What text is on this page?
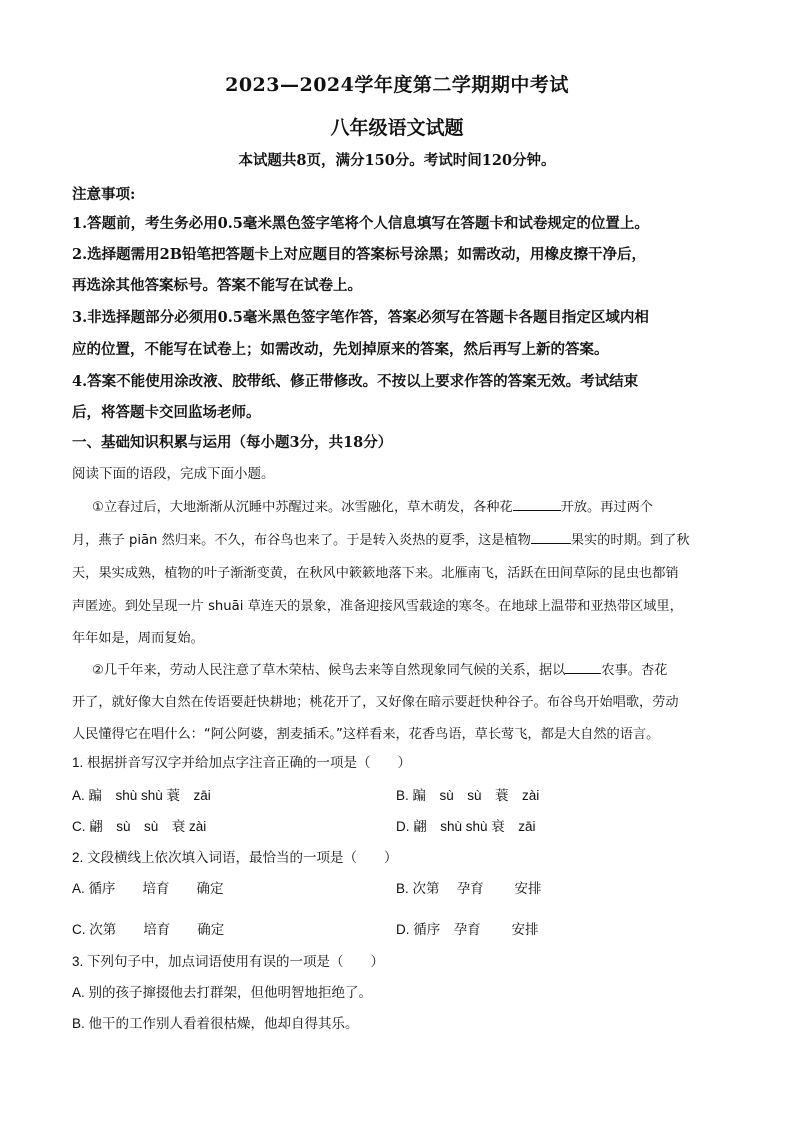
2023—2024学年度第二学期期中考试
八年级语文试题
本试题共8页，满分150分。考试时间120分钟。
注意事项:
1.答题前，考生务必用0.5毫米黑色签字笔将个人信息填写在答题卡和试卷规定的位置上。
2.选择题需用2B铅笔把答题卡上对应题目的答案标号涂黑；如需改动，用橡皮擦干净后，
再选涂其他答案标号。答案不能写在试卷上。
3.非选择题部分必须用0.5毫米黑色签字笔作答，答案必须写在答题卡各题目指定区域内相
应的位置，不能写在试卷上；如需改动，先划掉原来的答案，然后再写上新的答案。
4.答案不能使用涂改液、胶带纸、修正带修改。不按以上要求作答的答案无效。考试结束
后，将答题卡交回监场老师。
一、基础知识积累与运用（每小题3分，共18分）
阅读下面的语段，完成下面小题。
①立春过后，大地渐渐从沉睡中苏醒过来。冰雪融化，草木萌发，各种花	开放。再过两个
月，燕子 piān 然归来。不久，布谷鸟也来了。于是转入炎热的夏季，这是植物	果实的时期。到了秋
天，果实成熟，植物的叶子渐渐变黄，在秋风中簌簌地落下来。北雁南飞，活跃在田间草际的昆虫也都销
声匿迹。到处呈现一片 shuāi 草连天的景象，准备迎接风雪载途的寒冬。在地球上温带和亚热带区域里，
年年如是，周而复始。
②几千年来，劳动人民注意了草木荣枯、候鸟去来等自然现象同气候的关系，据以	农事。杏花
开了，就好像大自然在传语要赶快耕地；桃花开了，又好像在暗示要赶快种谷子。布谷鸟开始唱歌，劳动
人民懂得它在唱什么：“阿公阿婆，割麦插禾。”这样看来，花香鸟语，草长莺飞，都是大自然的语言。
1. 根据拼音写汉字并给加点字注音正确的一项是（　　）
A. 蹁　shù shù 蓑　zāi	B. 蹁　sù　sù　蓑　zài
C. 翩　sù　sù　衰 zài	D. 翩　shù shù 衰　zāi
2. 文段横线上依次填入词语，最恰当的一项是（　　）
A. 循序　　培育　　确定	B. 次第　 孕育　　 安排
C. 次第　　培育　　确定	D. 循序　孕育　　 安排
3. 下列句子中，加点词语使用有误的一项是（　　）
A. 别的孩子撺掇他去打群架，但他明智地拒绝了。
B. 他干的工作别人看着很枯燥，他却自得其乐。
